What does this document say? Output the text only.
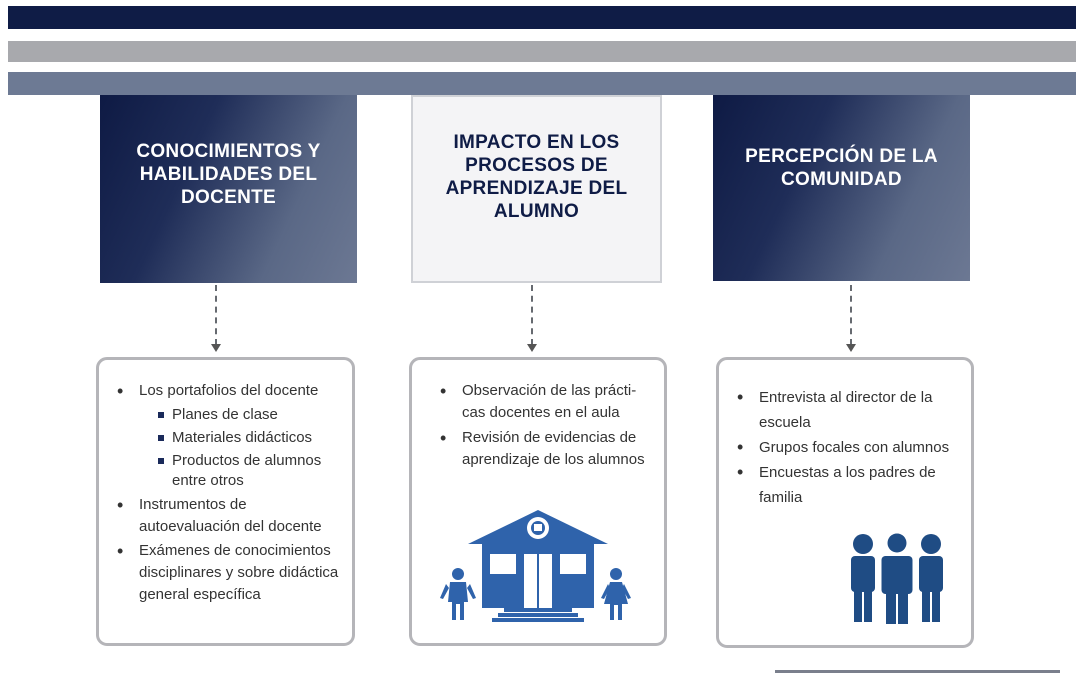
CONOCIMIENTOS Y HABILIDADES DEL DOCENTE
IMPACTO EN LOS PROCESOS DE APRENDIZAJE DEL ALUMNO
PERCEPCIÓN DE LA COMUNIDAD
• Los portafolios del docente
Planes de clase
Materiales didácticos
Productos de alumnos entre otros
• Instrumentos de autoevaluación del docente
• Exámenes de conocimientos disciplinares y sobre didáctica general específica
• Observación de las prácti-cas docentes en el aula
• Revisión de evidencias de aprendizaje de los alumnos
• Entrevista al director de la escuela
• Grupos focales con alumnos
• Encuestas a los padres de familia
